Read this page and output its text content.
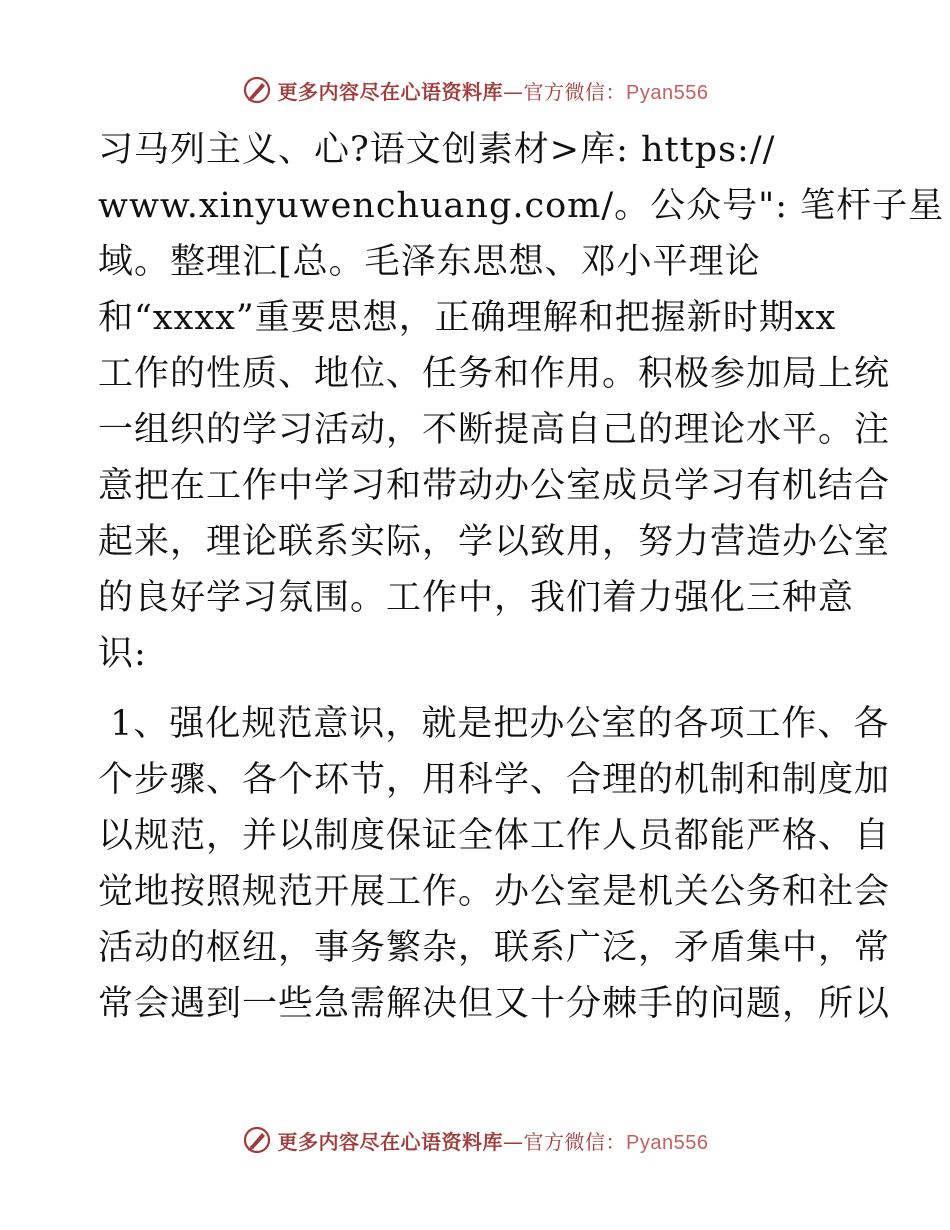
更多内容尽在心语资料库—官方微信：Pyan556
习马列主义、心?语文创素材>库: https://
www.xinyuwenchuang.com/。公众号": 笔杆子星
域。整理汇[总。毛泽东思想、邓小平理论
和“xxxx”重要思想，正确理解和把握新时期xx
工作的性质、地位、任务和作用。积极参加局上统
一组织的学习活动，不断提高自己的理论水平。注
意把在工作中学习和带动办公室成员学习有机结合
起来，理论联系实际，学以致用，努力营造办公室
的良好学习氛围。工作中，我们着力强化三种意
识:
1、强化规范意识，就是把办公室的各项工作、各
个步骤、各个环节，用科学、合理的机制和制度加
以规范，并以制度保证全体工作人员都能严格、自
觉地按照规范开展工作。办公室是机关公务和社会
活动的枢纽，事务繁杂，联系广泛，矛盾集中，常
常会遇到一些急需解决但又十分棘手的问题，所以
更多内容尽在心语资料库—官方微信：Pyan556
